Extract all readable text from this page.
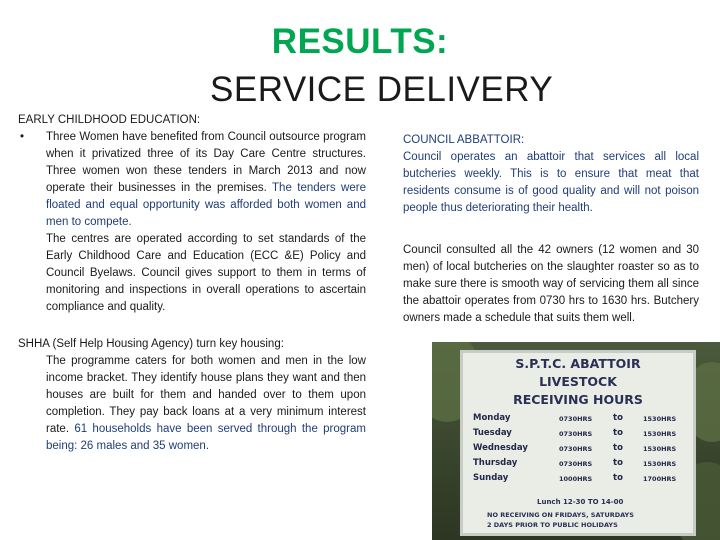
RESULTS:
SERVICE DELIVERY

EARLY CHILDHOOD EDUCATION:

• Three Women have benefited from Council outsource program when it privatized three of its Day Care Centre structures. Three women won these tenders in March 2013 and now operate their businesses in the premises. The tenders were floated and equal opportunity was afforded both women and men to compete.

The centres are operated according to set standards of the Early Childhood Care and Education (ECC &E) Policy and Council Byelaws. Council gives support to them in terms of monitoring and inspections in overall operations to ascertain compliance and quality.

SHHA (Self Help Housing Agency) turn key housing:

The programme caters for both women and men in the low income bracket. They identify house plans they want and then houses are built for them and handed over to them upon completion. They pay back loans at a very minimum interest rate. 61 households have been served through the program being: 26 males and 35 women.

COUNCIL ABBATTOIR:

Council operates an abattoir that services all local butcheries weekly. This is to ensure that meat that residents consume is of good quality and will not poison people thus deteriorating their health.

Council consulted all the 42 owners (12 women and 30 men) of local butcheries on the slaughter roaster so as to make sure there is smooth way of servicing them all since the abattoir operates from 0730 hrs to 1630 hrs. Butchery owners made a schedule that suits them well.

S.P.T.C. ABATTOIR
LIVESTOCK
RECEIVING HOURS
Monday	0730HRS to	1530HRS
Tuesday	0730HRS to	1530HRS
Wednesday	0730HRS to	1530HRS
Thursday	0730HRS to	1530HRS
Sunday	1000HRS to	1700HRS
Lunch 12-30 TO 14-00
NO RECEIVING ON FRIDAYS, SATURDAYS
2 DAYS PRIOR TO PUBLIC HOLIDAYS
